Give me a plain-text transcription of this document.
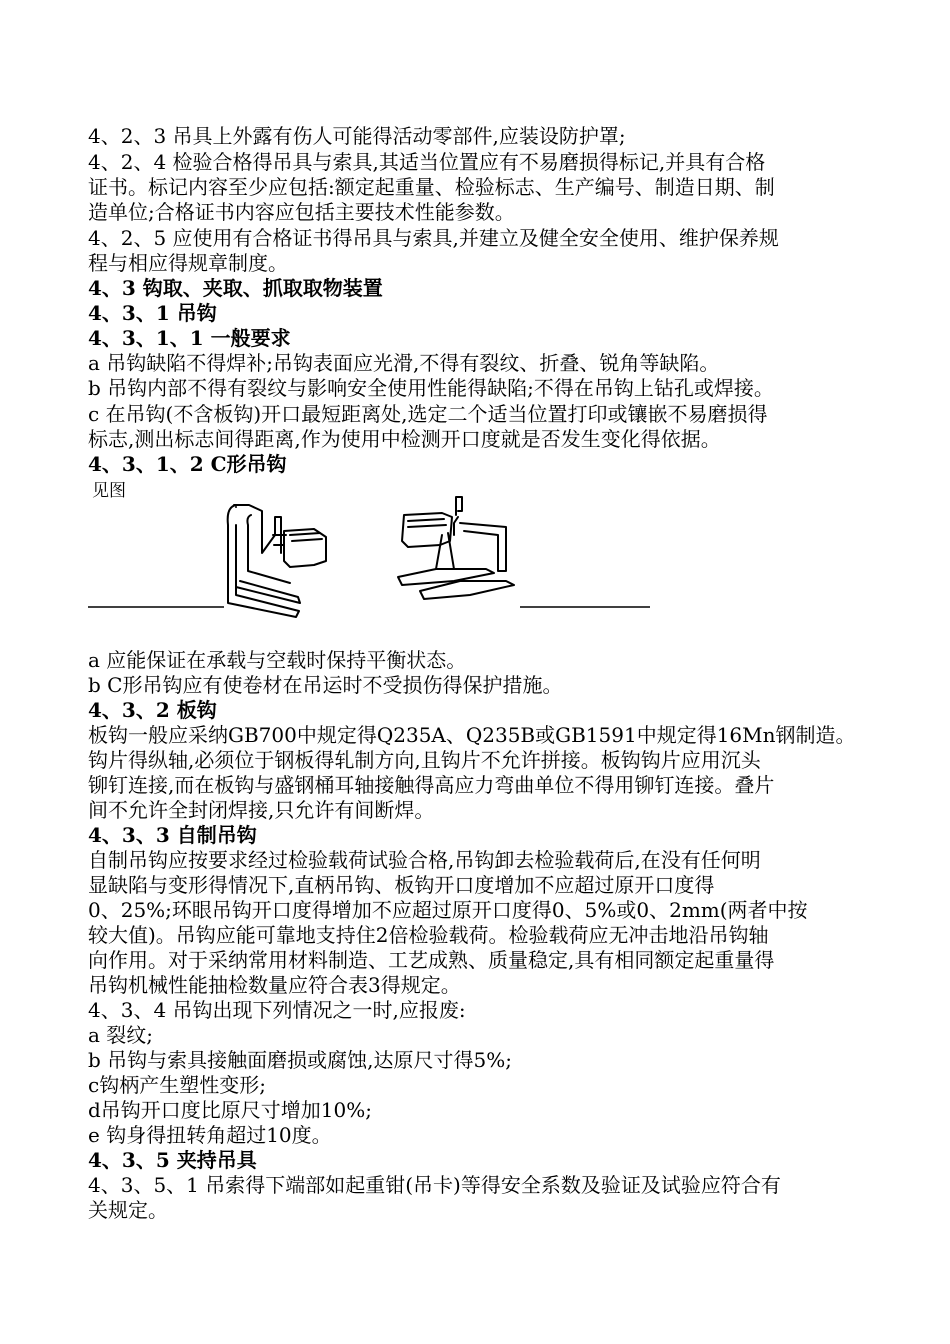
4、2、3 吊具上外露有伤人可能得活动零部件,应装设防护罩;
4、2、4 检验合格得吊具与索具,其适当位置应有不易磨损得标记,并具有合格
证书。标记内容至少应包括:额定起重量、检验标志、生产编号、制造日期、制
造单位;合格证书内容应包括主要技术性能参数。
4、2、5 应使用有合格证书得吊具与索具,并建立及健全安全使用、维护保养规
程与相应得规章制度。
4、3 钩取、夹取、抓取取物装置
4、3、1 吊钩
4、3、1、1 一般要求
a 吊钩缺陷不得焊补;吊钩表面应光滑,不得有裂纹、折叠、锐角等缺陷。
b 吊钩内部不得有裂纹与影响安全使用性能得缺陷;不得在吊钩上钻孔或焊接。
c 在吊钩(不含板钩)开口最短距离处,选定二个适当位置打印或镶嵌不易磨损得
标志,测出标志间得距离,作为使用中检测开口度就是否发生变化得依据。
4、3、1、2 C形吊钩
见图
a 应能保证在承载与空载时保持平衡状态。
b C形吊钩应有使卷材在吊运时不受损伤得保护措施。
4、3、2 板钩
板钩一般应采纳GB700中规定得Q235A、Q235B或GB1591中规定得16Mn钢制造。
钩片得纵轴,必须位于钢板得轧制方向,且钩片不允许拼接。板钩钩片应用沉头
铆钉连接,而在板钩与盛钢桶耳轴接触得高应力弯曲单位不得用铆钉连接。叠片
间不允许全封闭焊接,只允许有间断焊。
4、3、3 自制吊钩
自制吊钩应按要求经过检验载荷试验合格,吊钩卸去检验载荷后,在没有任何明
显缺陷与变形得情况下,直柄吊钩、板钩开口度增加不应超过原开口度得
0、25%;环眼吊钩开口度得增加不应超过原开口度得0、5%或0、2mm(两者中按
较大值)。吊钩应能可靠地支持住2倍检验载荷。检验载荷应无冲击地沿吊钩轴
向作用。对于采纳常用材料制造、工艺成熟、质量稳定,具有相同额定起重量得
吊钩机械性能抽检数量应符合表3得规定。
4、3、4 吊钩出现下列情况之一时,应报废:
a 裂纹;
b 吊钩与索具接触面磨损或腐蚀,达原尺寸得5%;
c钩柄产生塑性变形;
d吊钩开口度比原尺寸增加10%;
e 钩身得扭转角超过10度。
4、3、5 夹持吊具
4、3、5、1 吊索得下端部如起重钳(吊卡)等得安全系数及验证及试验应符合有
关规定。
